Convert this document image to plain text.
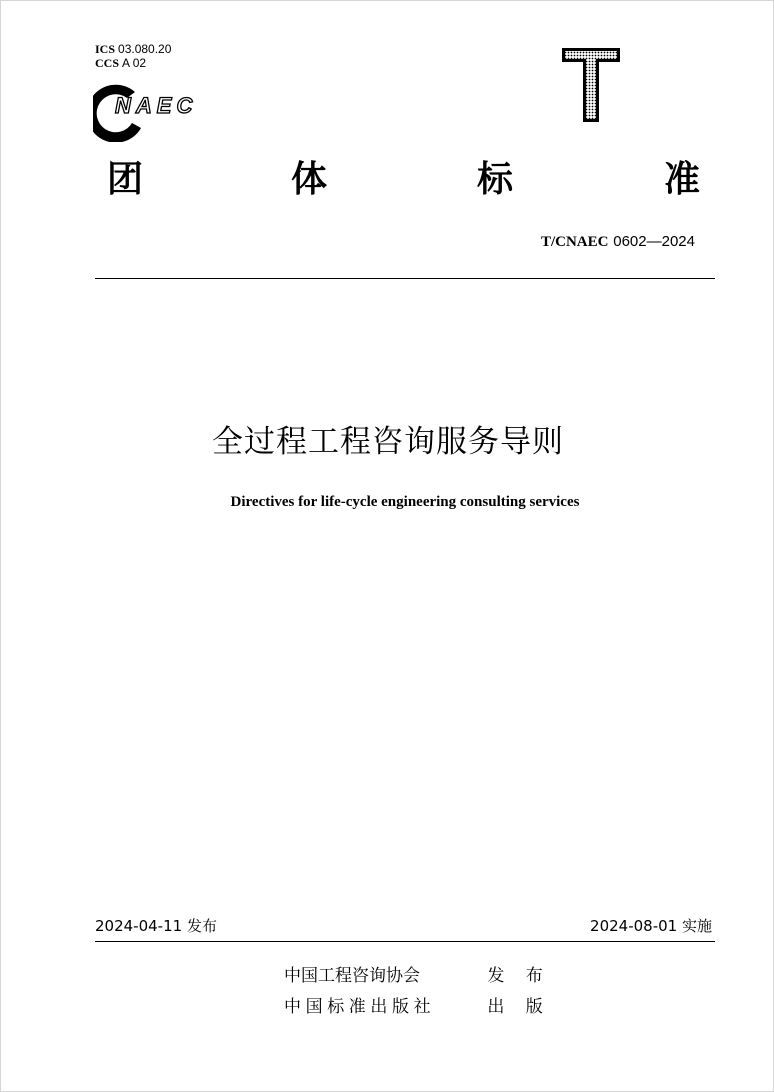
ICS 03.080.20
CCS A 02
NAEC
团	体	标	准
T/CNAEC 0602—2024
全过程工程咨询服务导则
Directives for life-cycle engineering consulting services
2024-04-11 发布	2024-08-01 实施
中国工程咨询协会	发 布
中国标准出版社	出 版
